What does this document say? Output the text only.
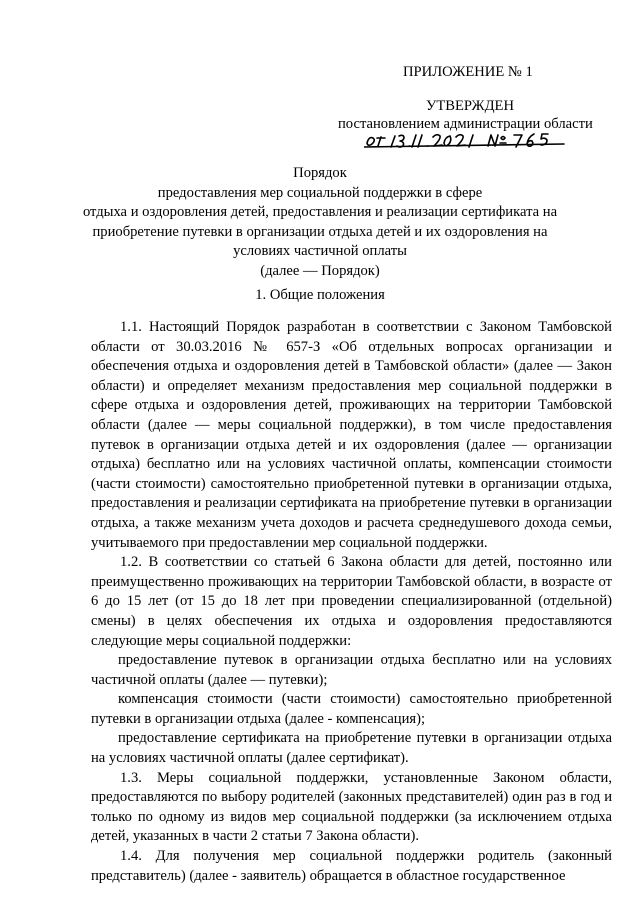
ПРИЛОЖЕНИЕ № 1
УТВЕРЖДЕН
постановлением администрации области
Порядок
предоставления мер социальной поддержки в сфере
отдыха и оздоровления детей, предоставления и реализации сертификата на
приобретение путевки в организации отдыха детей и их оздоровления на
условиях частичной оплаты
(далее — Порядок)
1. Общие положения

1.1. Настоящий Порядок разработан в соответствии с Законом Тамбовской области от 30.03.2016 № 657-З «Об отдельных вопросах организации и обеспечения отдыха и оздоровления детей в Тамбовской области» (далее — Закон области) и определяет механизм предоставления мер социальной поддержки в сфере отдыха и оздоровления детей, проживающих на территории Тамбовской области (далее — меры социальной поддержки), в том числе предоставления путевок в организации отдыха детей и их оздоровления (далее — организации отдыха) бесплатно или на условиях частичной оплаты, компенсации стоимости (части стоимости) самостоятельно приобретенной путевки в организации отдыха, предоставления и реализации сертификата на приобретение путевки в организации отдыха, а также механизм учета доходов и расчета среднедушевого дохода семьи, учитываемого при предоставлении мер социальной поддержки.

1.2. В соответствии со статьей 6 Закона области для детей, постоянно или преимущественно проживающих на территории Тамбовской области, в возрасте от 6 до 15 лет (от 15 до 18 лет при проведении специализированной (отдельной) смены) в целях обеспечения их отдыха и оздоровления предоставляются следующие меры социальной поддержки:

предоставление путевок в организации отдыха бесплатно или на условиях частичной оплаты (далее — путевки);

компенсация стоимости (части стоимости) самостоятельно приобретенной путевки в организации отдыха (далее - компенсация);

предоставление сертификата на приобретение путевки в организации отдыха на условиях частичной оплаты (далее сертификат).

1.3. Меры социальной поддержки, установленные Законом области, предоставляются по выбору родителей (законных представителей) один раз в год и только по одному из видов мер социальной поддержки (за исключением отдыха детей, указанных в части 2 статьи 7 Закона области).

1.4. Для получения мер социальной поддержки родитель (законный представитель) (далее - заявитель) обращается в областное государственное
